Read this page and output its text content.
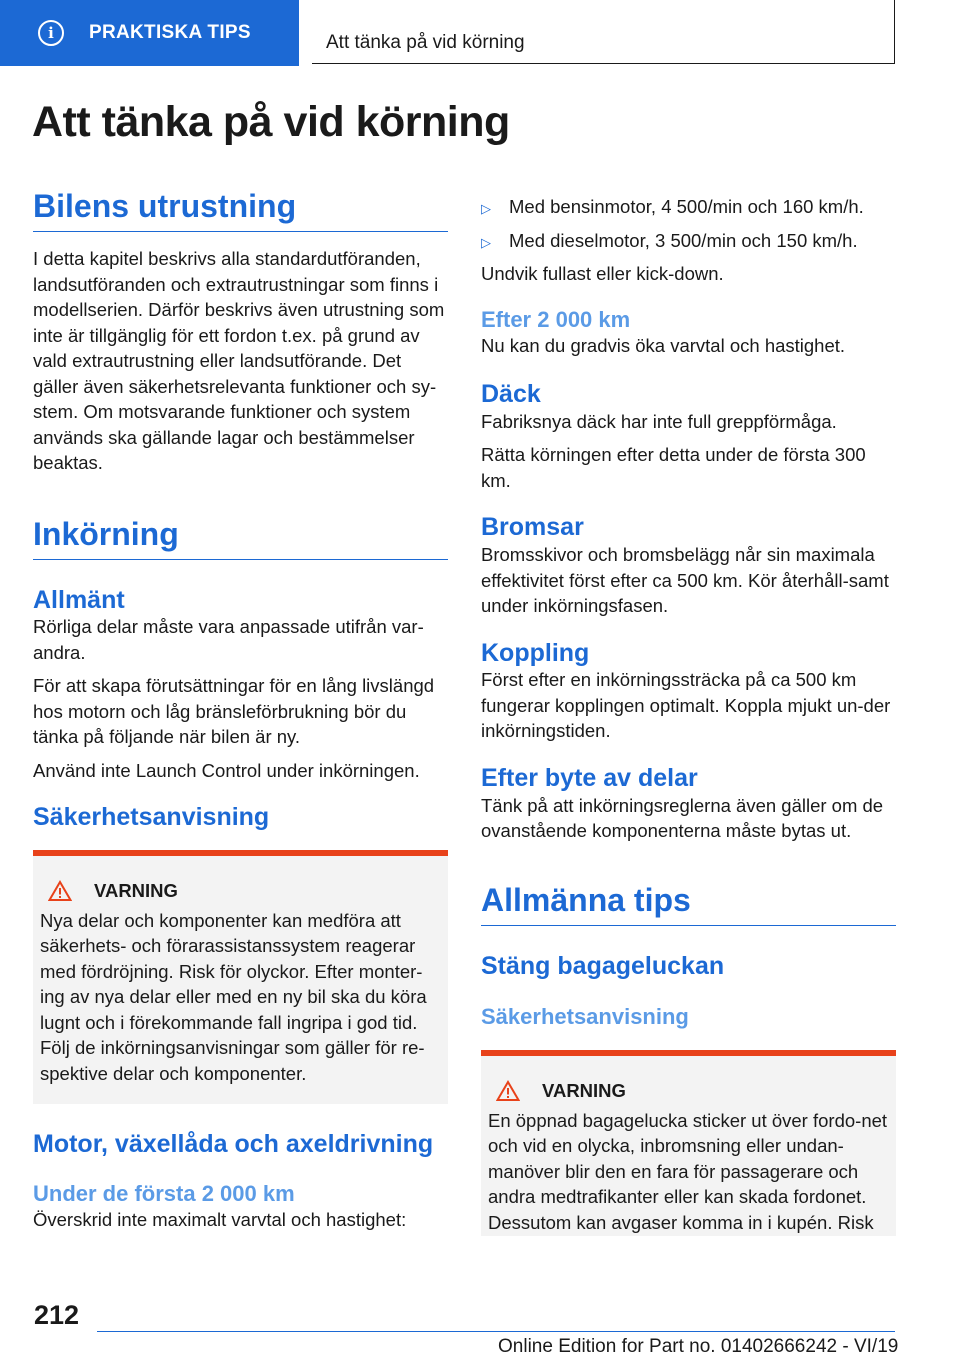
i	PRAKTISKA TIPS	Att tänka på vid körning
Att tänka på vid körning
Bilens utrustning

I detta kapitel beskrivs alla standardutföranden, landsutföranden och extrautrustningar som finns i modellserien. Därför beskrivs även utrustning som inte är tillgänglig för ett fordon t.ex. på grund av vald extrautrustning eller landsutförande. Det gäller även säkerhetsrelevanta funktioner och sy-stem. Om motsvarande funktioner och system används ska gällande lagar och bestämmelser beaktas.

Inkörning
Allmänt

Rörliga delar måste vara anpassade utifrån var-andra.

För att skapa förutsättningar för en lång livslängd hos motorn och låg bränsleförbrukning bör du tänka på följande när bilen är ny.

Använd inte Launch Control under inkörningen.

Säkerhetsanvisning
VARNING
Nya delar och komponenter kan medföra att säkerhets- och förarassistanssystem reagerar med fördröjning. Risk för olyckor. Efter monter-ing av nya delar eller med en ny bil ska du köra lugnt och i förekommande fall ingripa i god tid. Följ de inkörningsanvisningar som gäller för re-spektive delar och komponenter.
Motor, växellåda och axeldrivning
Under de första 2 000 km

Överskrid inte maximalt varvtal och hastighet:

▷ Med bensinmotor, 4 500/min och 160 km/h.
▷ Med dieselmotor, 3 500/min och 150 km/h.

Undvik fullast eller kick-down.

Efter 2 000 km

Nu kan du gradvis öka varvtal och hastighet.

Däck

Fabriksnya däck har inte full greppförmåga.

Rätta körningen efter detta under de första 300 km.

Bromsar

Bromsskivor och bromsbelägg når sin maximala effektivitet först efter ca 500 km. Kör återhåll-samt under inkörningsfasen.

Koppling

Först efter en inkörningssträcka på ca 500 km fungerar kopplingen optimalt. Koppla mjukt un-der inkörningstiden.

Efter byte av delar

Tänk på att inkörningsreglerna även gäller om de ovanstående komponenterna måste bytas ut.

Allmänna tips
Stäng bagageluckan
Säkerhetsanvisning
VARNING
En öppnad bagagelucka sticker ut över fordo-net och vid en olycka, inbromsning eller undan-manöver blir den en fara för passagerare och andra medtrafikanter eller kan skada fordonet. Dessutom kan avgaser komma in i kupén. Risk
212
Online Edition for Part no. 01402666242 - VI/19
